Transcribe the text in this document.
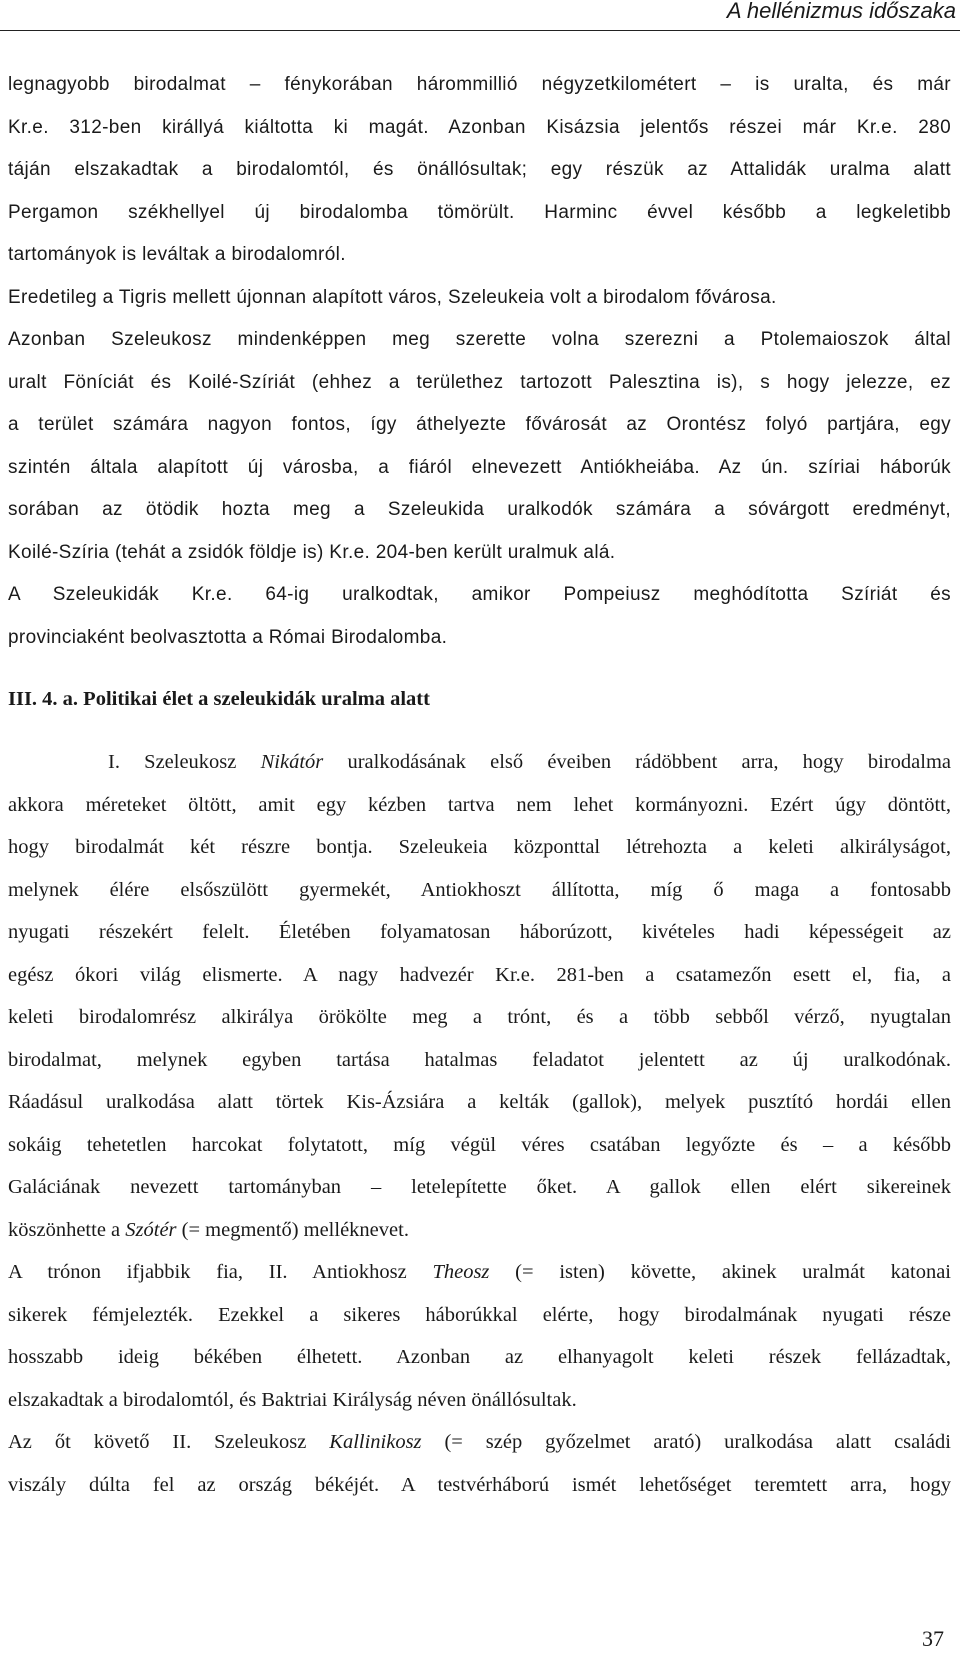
A hellénizmus időszaka

legnagyobb birodalmat – fénykorában hárommillió négyzetkilométert – is uralta, és már

Kr.e. 312-ben királlyá kiáltotta ki magát. Azonban Kisázsia jelentős részei már Kr.e. 280

táján elszakadtak a birodalomtól, és önállósultak; egy részük az Attalidák uralma alatt

Pergamon székhellyel új birodalomba tömörült. Harminc évvel később a legkeletibb

tartományok is leváltak a birodalomról.

Eredetileg a Tigris mellett újonnan alapított város, Szeleukeia volt a birodalom fővárosa.

Azonban Szeleukosz mindenképpen meg szerette volna szerezni a Ptolemaioszok által

uralt Föníciát és Koilé-Szíriát (ehhez a területhez tartozott Palesztina is), s hogy jelezze, ez

a terület számára nagyon fontos, így áthelyezte fővárosát az Orontész folyó partjára, egy

szintén általa alapított új városba, a fiáról elnevezett Antiókheiába. Az ún. szíriai háborúk

sorában az ötödik hozta meg a Szeleukida uralkodók számára a sóvárgott eredményt,

Koilé-Szíria (tehát a zsidók földje is) Kr.e. 204-ben került uralmuk alá.

A Szeleukidák Kr.e. 64-ig uralkodtak, amikor Pompeiusz meghódította Szíriát és

provinciaként beolvasztotta a Római Birodalomba.

III. 4. a. Politikai élet a szeleukidák uralma alatt

I. Szeleukosz Nikátór uralkodásának első éveiben rádöbbent arra, hogy birodalma

akkora méreteket öltött, amit egy kézben tartva nem lehet kormányozni. Ezért úgy döntött,

hogy birodalmát két részre bontja. Szeleukeia központtal létrehozta a keleti alkirályságot,

melynek élére elsőszülött gyermekét, Antiokhoszt állította, míg ő maga a fontosabb

nyugati részekért felelt. Életében folyamatosan háborúzott, kivételes hadi képességeit az

egész ókori világ elismerte. A nagy hadvezér Kr.e. 281-ben a csatamezőn esett el, fia, a

keleti birodalomrész alkirálya örökölte meg a trónt, és a több sebből vérző, nyugtalan

birodalmat, melynek egyben tartása hatalmas feladatot jelentett az új uralkodónak.

Ráadásul uralkodása alatt törtek Kis-Ázsiára a kelták (gallok), melyek pusztító hordái ellen

sokáig tehetetlen harcokat folytatott, míg végül véres csatában legyőzte és – a később

Galáciának nevezett tartományban – letelepítette őket. A gallok ellen elért sikereinek

köszönhette a Szótér (= megmentő) melléknevet.

A trónon ifjabbik fia, II. Antiokhosz Theosz (= isten) követte, akinek uralmát katonai

sikerek fémjelezték. Ezekkel a sikeres háborúkkal elérte, hogy birodalmának nyugati része

hosszabb ideig békében élhetett. Azonban az elhanyagolt keleti részek fellázadtak,

elszakadtak a birodalomtól, és Baktriai Királyság néven önállósultak.

Az őt követő II. Szeleukosz Kallinikosz (= szép győzelmet arató) uralkodása alatt családi

viszály dúlta fel az ország békéjét. A testvérháború ismét lehetőséget teremtett arra, hogy

37
